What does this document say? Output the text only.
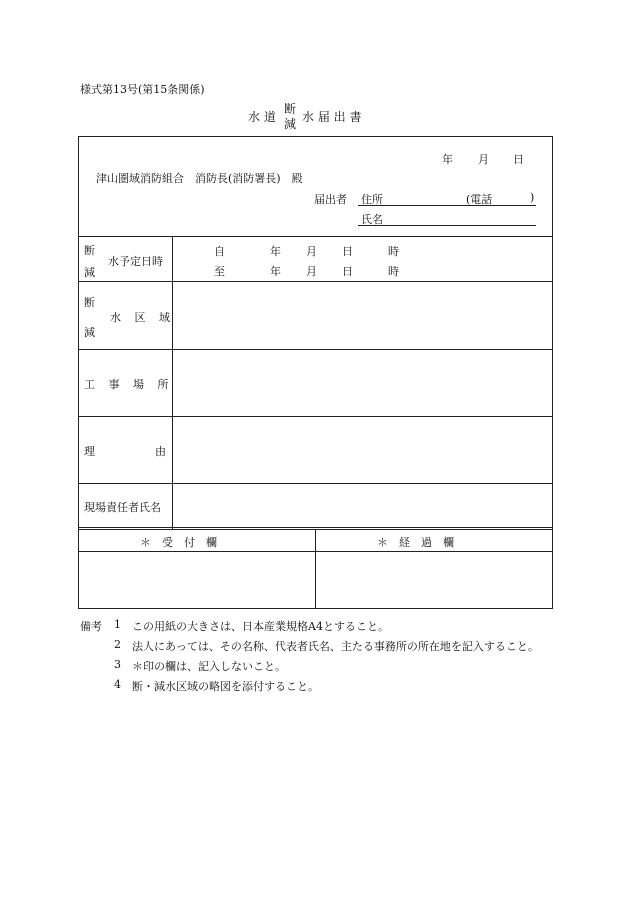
様式第13号(第15条関係)
水 道
断
減 水 届 出 書
年 月 日
津山圏域消防組合　消防長(消防署長)　殿
届出者 住所	(電話	)
氏名
断
減
水予定日時
自	年 月 日	時
至	年 月 日	時
断
水 区 域
減
工 事 場 所
理	由
現場責任者氏名
＊　受　付　欄	＊　経　過　欄
備考 1 この用紙の大きさは、日本産業規格A4とすること。
2 法人にあっては、その名称、代表者氏名、主たる事務所の所在地を記入すること。
3 ＊印の欄は、記入しないこと。
4 断・減水区域の略図を添付すること。
